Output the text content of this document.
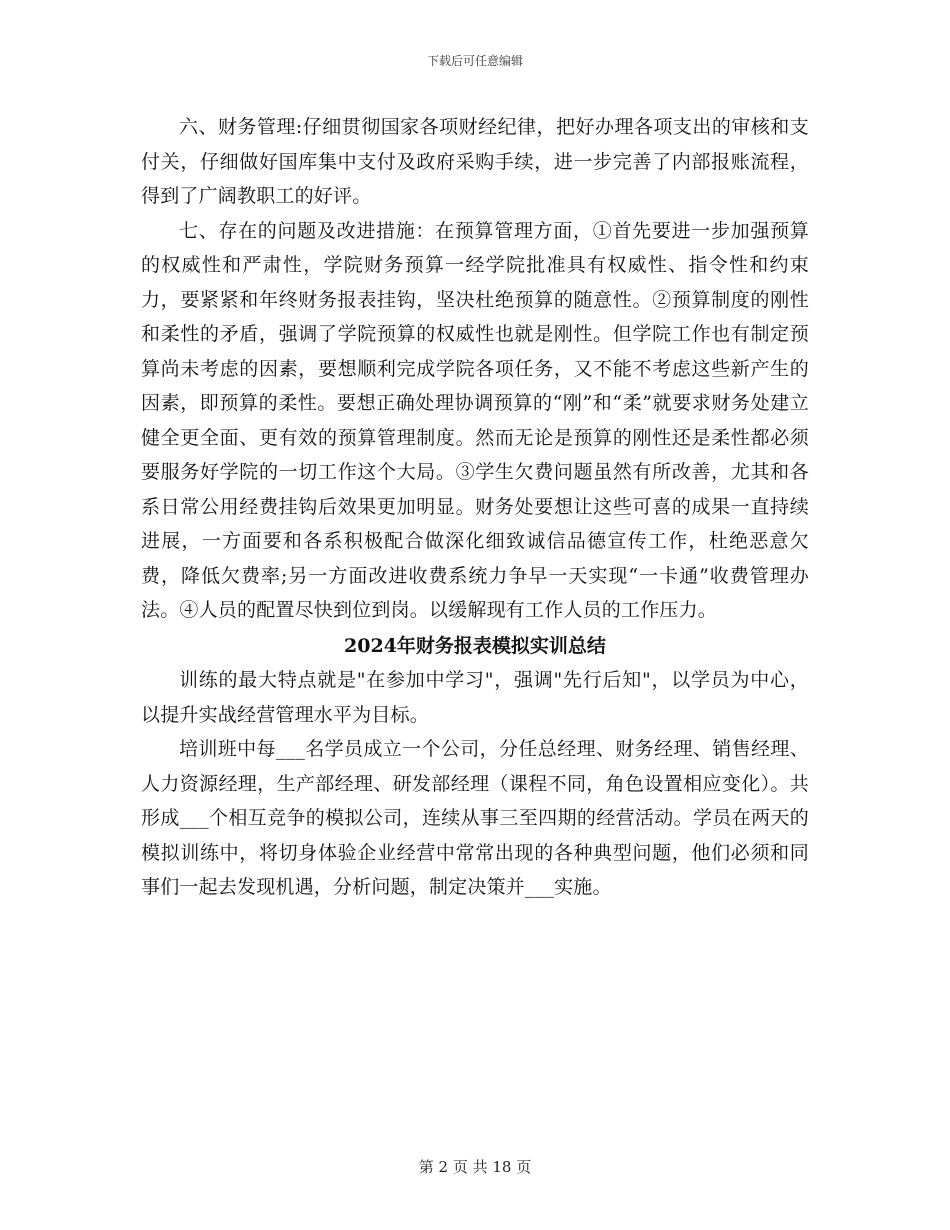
下载后可任意编辑

六、财务管理:仔细贯彻国家各项财经纪律，把好办理各项支出的审核和支付关，仔细做好国库集中支付及政府采购手续，进一步完善了内部报账流程，得到了广阔教职工的好评。

七、存在的问题及改进措施：在预算管理方面，①首先要进一步加强预算的权威性和严肃性，学院财务预算一经学院批准具有权威性、指令性和约束力，要紧紧和年终财务报表挂钩，坚决杜绝预算的随意性。②预算制度的刚性和柔性的矛盾，强调了学院预算的权威性也就是刚性。但学院工作也有制定预算尚未考虑的因素，要想顺利完成学院各项任务，又不能不考虑这些新产生的因素，即预算的柔性。要想正确处理协调预算的“刚”和“柔”就要求财务处建立健全更全面、更有效的预算管理制度。然而无论是预算的刚性还是柔性都必须要服务好学院的一切工作这个大局。③学生欠费问题虽然有所改善，尤其和各系日常公用经费挂钩后效果更加明显。财务处要想让这些可喜的成果一直持续进展，一方面要和各系积极配合做深化细致诚信品德宣传工作，杜绝恶意欠费，降低欠费率;另一方面改进收费系统力争早一天实现“一卡通”收费管理办法。④人员的配置尽快到位到岗。以缓解现有工作人员的工作压力。

2024年财务报表模拟实训总结

训练的最大特点就是"在参加中学习"，强调"先行后知"，以学员为中心，以提升实战经营管理水平为目标。

培训班中每___名学员成立一个公司，分任总经理、财务经理、销售经理、人力资源经理，生产部经理、研发部经理（课程不同，角色设置相应变化）。共形成___个相互竞争的模拟公司，连续从事三至四期的经营活动。学员在两天的模拟训练中，将切身体验企业经营中常常出现的各种典型问题，他们必须和同事们一起去发现机遇，分析问题，制定决策并___实施。

第 2 页 共 18 页
